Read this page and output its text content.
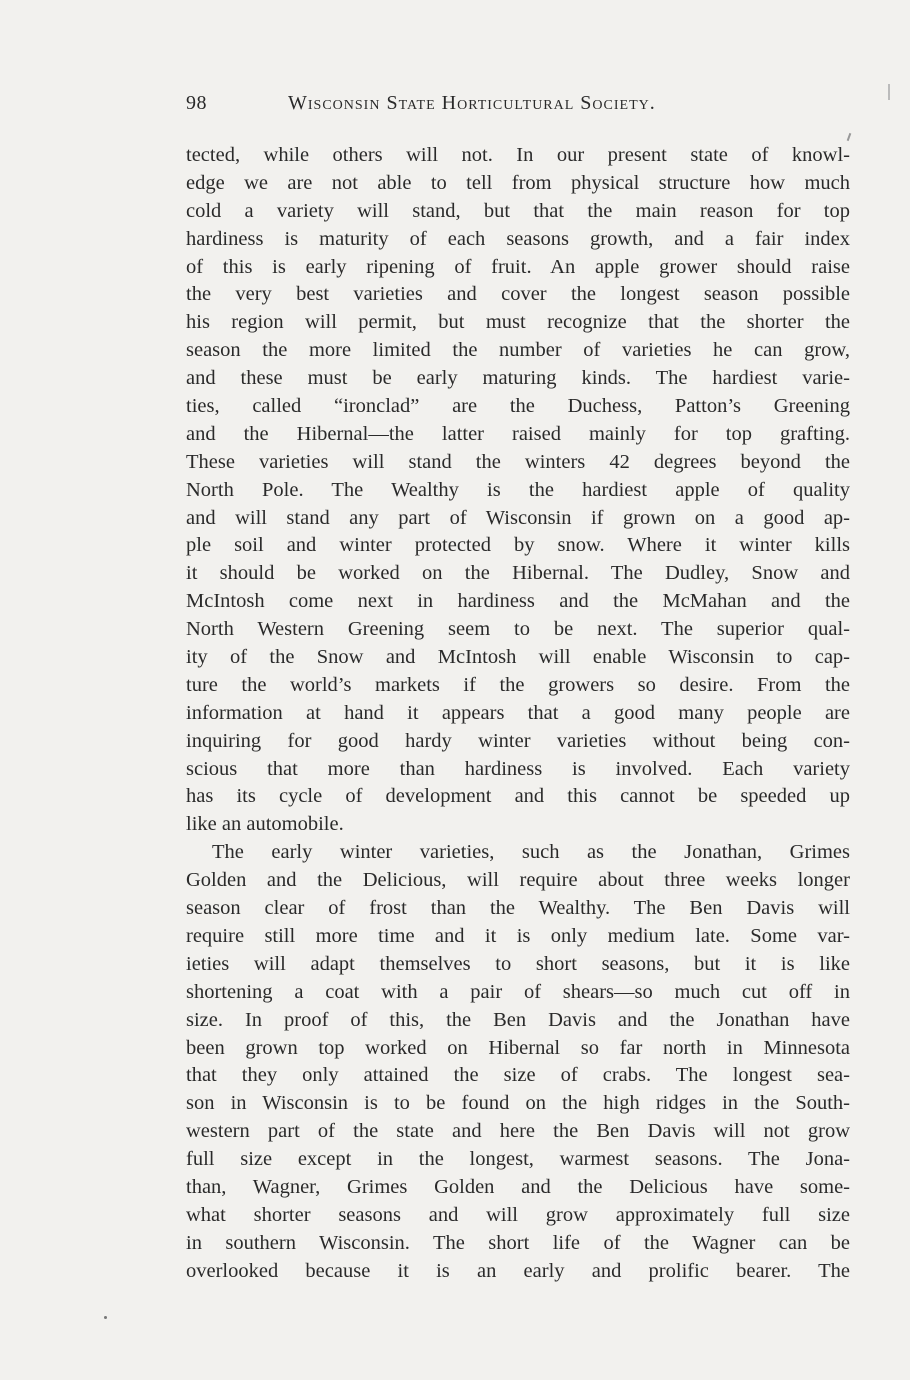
98	Wisconsin State Horticultural Society.
tected, while others will not. In our present state of knowl-
edge we are not able to tell from physical structure how much
cold a variety will stand, but that the main reason for top
hardiness is maturity of each seasons growth, and a fair index
of this is early ripening of fruit. An apple grower should raise
the very best varieties and cover the longest season possible
his region will permit, but must recognize that the shorter the
season the more limited the number of varieties he can grow,
and these must be early maturing kinds. The hardiest varie-
ties, called “ironclad” are the Duchess, Patton’s Greening
and the Hibernal—the latter raised mainly for top grafting.
These varieties will stand the winters 42 degrees beyond the
North Pole. The Wealthy is the hardiest apple of quality
and will stand any part of Wisconsin if grown on a good ap-
ple soil and winter protected by snow. Where it winter kills
it should be worked on the Hibernal. The Dudley, Snow and
McIntosh come next in hardiness and the McMahan and the
North Western Greening seem to be next. The superior qual-
ity of the Snow and McIntosh will enable Wisconsin to cap-
ture the world’s markets if the growers so desire. From the
information at hand it appears that a good many people are
inquiring for good hardy winter varieties without being con-
scious that more than hardiness is involved. Each variety
has its cycle of development and this cannot be speeded up
like an automobile.
The early winter varieties, such as the Jonathan, Grimes
Golden and the Delicious, will require about three weeks longer
season clear of frost than the Wealthy. The Ben Davis will
require still more time and it is only medium late. Some var-
ieties will adapt themselves to short seasons, but it is like
shortening a coat with a pair of shears—so much cut off in
size. In proof of this, the Ben Davis and the Jonathan have
been grown top worked on Hibernal so far north in Minnesota
that they only attained the size of crabs. The longest sea-
son in Wisconsin is to be found on the high ridges in the South-
western part of the state and here the Ben Davis will not grow
full size except in the longest, warmest seasons. The Jona-
than, Wagner, Grimes Golden and the Delicious have some-
what shorter seasons and will grow approximately full size
in southern Wisconsin. The short life of the Wagner can be
overlooked because it is an early and prolific bearer. The
